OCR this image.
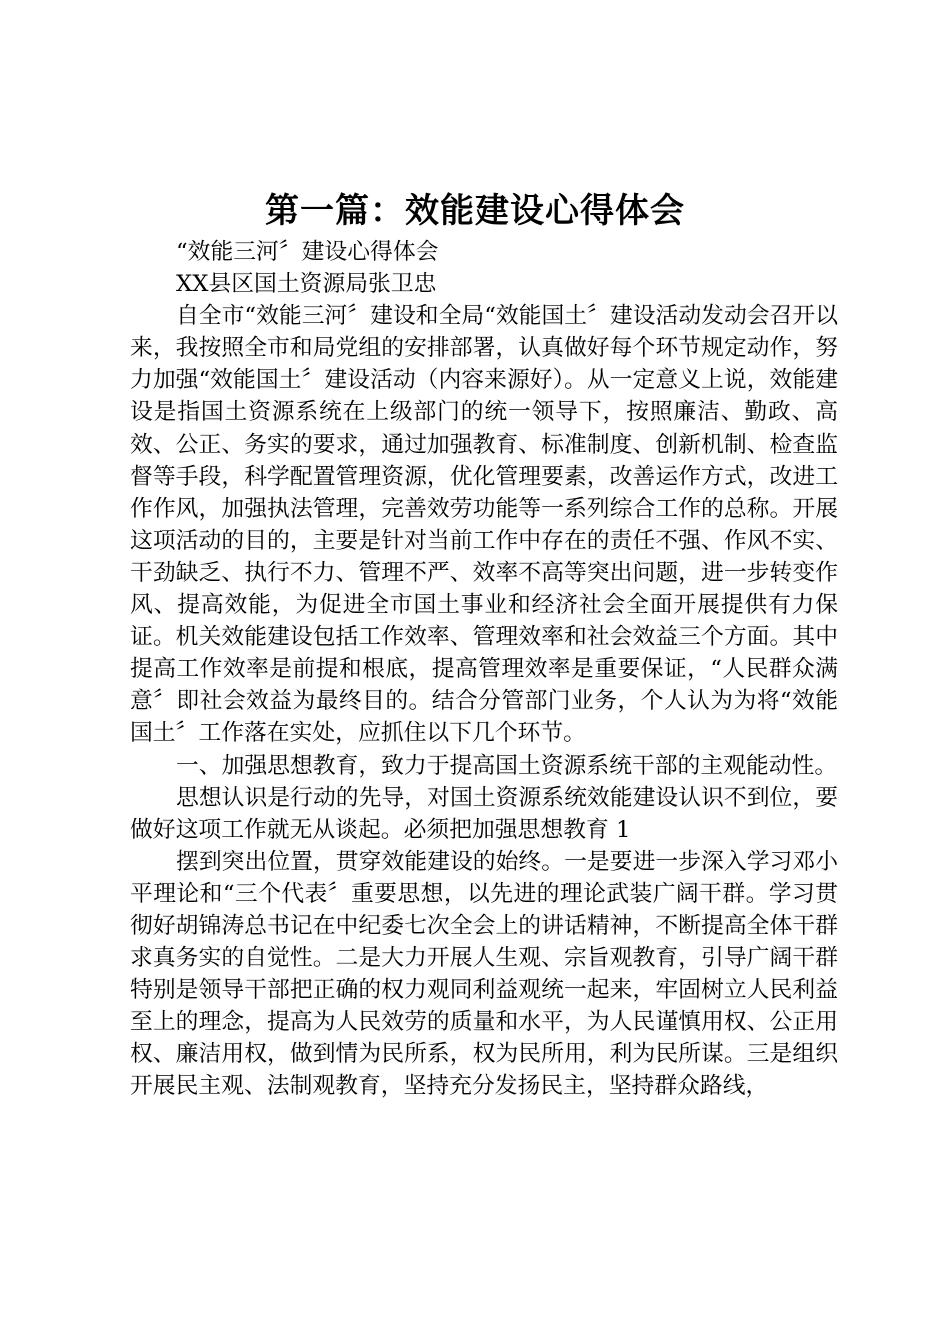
第一篇：效能建设心得体会

“效能三河〞建设心得体会

XX县区国土资源局张卫忠

自全市“效能三河〞建设和全局“效能国土〞建设活动发动会召开以来，我按照全市和局党组的安排部署，认真做好每个环节规定动作，努力加强“效能国土〞建设活动（内容来源好）。从一定意义上说，效能建设是指国土资源系统在上级部门的统一领导下，按照廉洁、勤政、高效、公正、务实的要求，通过加强教育、标准制度、创新机制、检查监督等手段，科学配置管理资源，优化管理要素，改善运作方式，改进工作作风，加强执法管理，完善效劳功能等一系列综合工作的总称。开展这项活动的目的，主要是针对当前工作中存在的责任不强、作风不实、干劲缺乏、执行不力、管理不严、效率不高等突出问题，进一步转变作风、提高效能，为促进全市国土事业和经济社会全面开展提供有力保证。机关效能建设包括工作效率、管理效率和社会效益三个方面。其中提高工作效率是前提和根底，提高管理效率是重要保证，“人民群众满意〞即社会效益为最终目的。结合分管部门业务，个人认为为将“效能国土〞工作落在实处，应抓住以下几个环节。

一、加强思想教育，致力于提高国土资源系统干部的主观能动性。

思想认识是行动的先导，对国土资源系统效能建设认识不到位，要做好这项工作就无从谈起。必须把加强思想教育 1

摆到突出位置，贯穿效能建设的始终。一是要进一步深入学习邓小平理论和“三个代表〞重要思想，以先进的理论武装广阔干群。学习贯彻好胡锦涛总书记在中纪委七次全会上的讲话精神，不断提高全体干群求真务实的自觉性。二是大力开展人生观、宗旨观教育，引导广阔干群特别是领导干部把正确的权力观同利益观统一起来，牢固树立人民利益至上的理念，提高为人民效劳的质量和水平，为人民谨慎用权、公正用权、廉洁用权，做到情为民所系，权为民所用，利为民所谋。三是组织开展民主观、法制观教育，坚持充分发扬民主，坚持群众路线，
